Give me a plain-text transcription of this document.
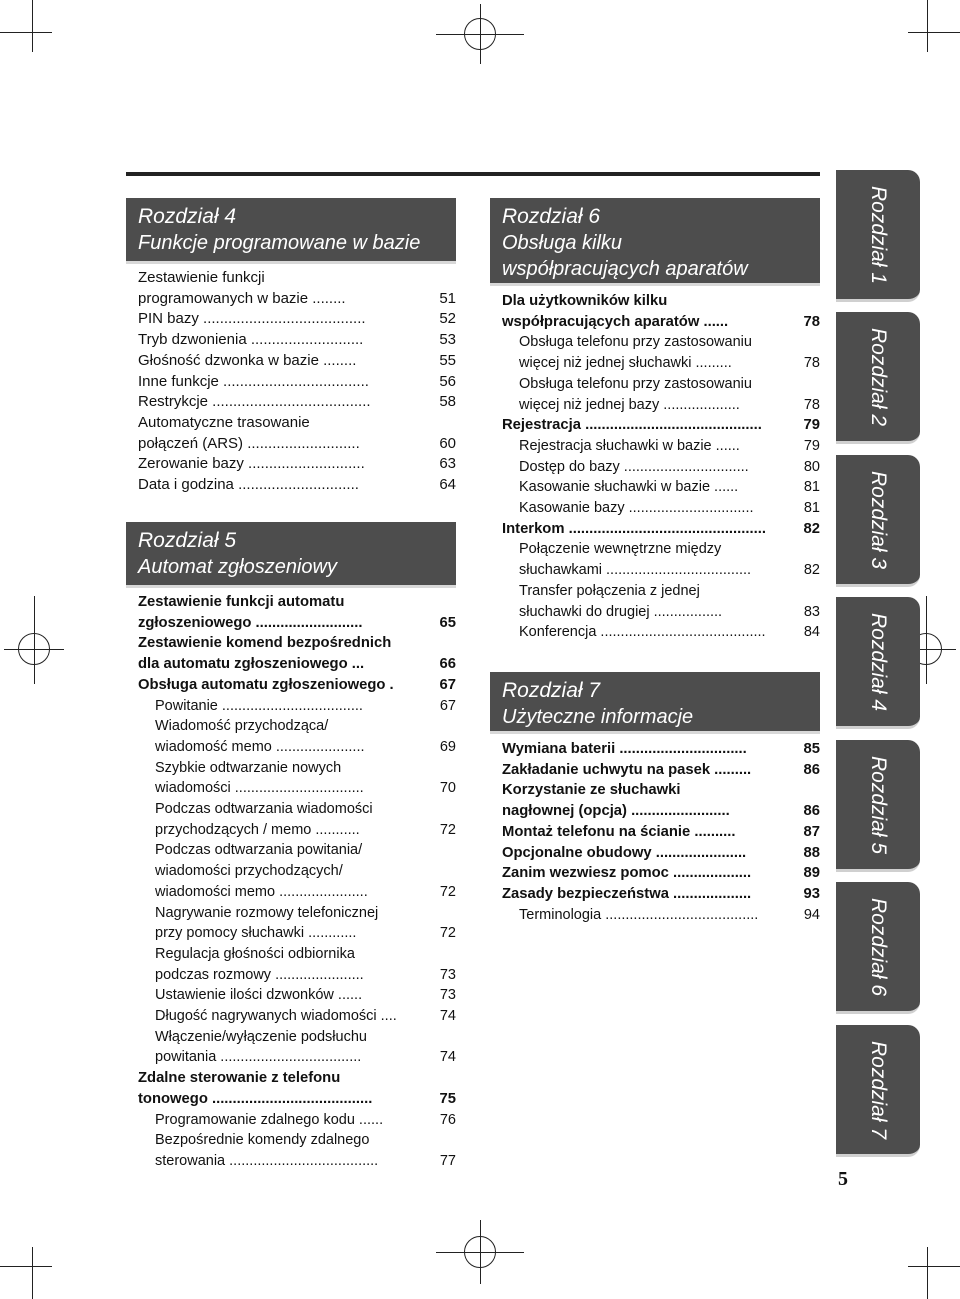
Rozdział 4
Funkcje programowane w bazie
Zestawienie funkcji
programowanych w bazie ........	51
PIN bazy .......................................	52
Tryb dzwonienia ...........................	53
Głośność dzwonka w bazie ........	55
Inne funkcje ...................................	56
Restrykcje ......................................	58
Automatyczne trasowanie
połączeń (ARS) ...........................	60
Zerowanie bazy ............................	63
Data i godzina .............................	64
Rozdział 5
Automat zgłoszeniowy
Zestawienie funkcji automatu
zgłoszeniowego ..........................	65
Zestawienie komend bezpośrednich
dla automatu zgłoszeniowego ...	66
Obsługa automatu zgłoszeniowego .	67
Powitanie ...................................	67
Wiadomość przychodząca/
wiadomość memo ......................	69
Szybkie odtwarzanie nowych
wiadomości ................................	70
Podczas odtwarzania wiadomości
przychodzących / memo ...........	72
Podczas odtwarzania powitania/
wiadomości przychodzących/
wiadomości memo ......................	72
Nagrywanie rozmowy telefonicznej
przy pomocy słuchawki ............	72
Regulacja głośności odbiornika
podczas rozmowy ......................	73
Ustawienie ilości dzwonków ......	73
Długość nagrywanych wiadomości ....	74
Włączenie/wyłączenie podsłuchu
powitania ...................................	74
Zdalne sterowanie z telefonu
tonowego .......................................	75
Programowanie zdalnego kodu ......	76
Bezpośrednie komendy zdalnego
sterowania .....................................	77
Rozdział 6
Obsługa kilku
współpracujących aparatów
Dla użytkowników kilku
współpracujących aparatów ......	78
Obsługa telefonu przy zastosowaniu
więcej niż jednej słuchawki .........	78
Obsługa telefonu przy zastosowaniu
więcej niż jednej bazy ...................	78
Rejestracja ...........................................	79
Rejestracja słuchawki w bazie ......	79
Dostęp do bazy ...............................	80
Kasowanie słuchawki w bazie ......	81
Kasowanie bazy ...............................	81
Interkom ................................................	82
Połączenie wewnętrzne między
słuchawkami ....................................	82
Transfer połączenia z jednej
słuchawki do drugiej .................	83
Konferencja .........................................	84
Rozdział 7
Użyteczne informacje
Wymiana baterii ...............................	85
Zakładanie uchwytu na pasek .........	86
Korzystanie ze słuchawki
nagłownej (opcja) ........................	86
Montaż telefonu na ścianie ..........	87
Opcjonalne obudowy ......................	88
Zanim wezwiesz pomoc ...................	89
Zasady bezpieczeństwa ...................	93
Terminologia ......................................	94
Rozdział 1
Rozdział 2
Rozdział 3
Rozdział 4
Rozdział 5
Rozdział 6
Rozdział 7
5
